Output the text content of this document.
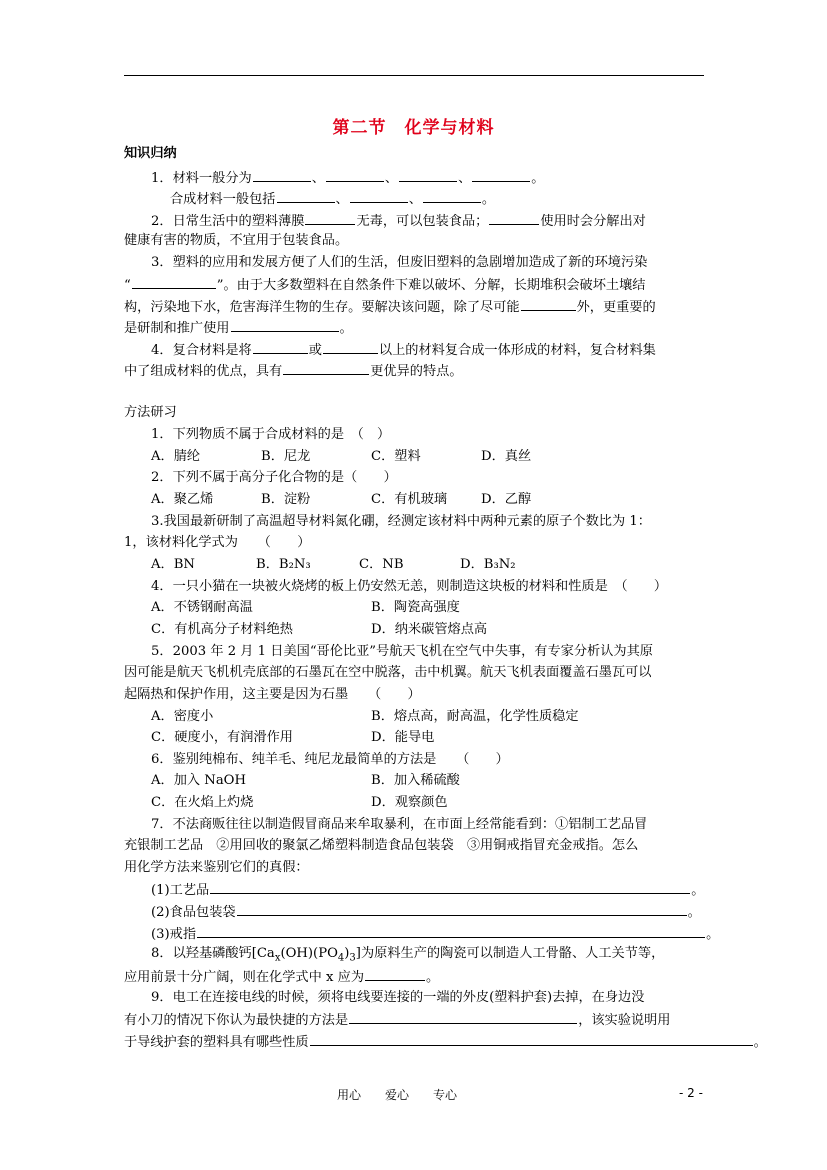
第二节　化学与材料
知识归纳
1．材料一般分为	、	、	、	。
合成材料一般包括	、	、	。
2．日常生活中的塑料薄膜	无毒，可以包装食品；	使用时会分解出对
健康有害的物质，不宜用于包装食品。
3．塑料的应用和发展方便了人们的生活，但废旧塑料的急剧增加造成了新的环境污染
“	”。由于大多数塑料在自然条件下难以破坏、分解，长期堆积会破坏土壤结
构，污染地下水，危害海洋生物的生存。要解决该问题，除了尽可能	外，更重要的
是研制和推广使用	。
4．复合材料是将	或	以上的材料复合成一体形成的材料，复合材料集
中了组成材料的优点，具有	更优异的特点。
方法研习
1．下列物质不属于合成材料的是　（　）
A．腈纶	B．尼龙	C．塑料	D．真丝
2．下列不属于高分子化合物的是（　　）
A．聚乙烯	B．淀粉	C．有机玻璃	D．乙醇
3.我国最新研制了高温超导材料氮化硼，经测定该材料中两种元素的原子个数比为 1：
1，该材料化学式为　　（　　）
A．BN	B．B₂N₃	C．NB	D．B₃N₂
4．一只小猫在一块被火烧烤的板上仍安然无恙，则制造这块板的材料和性质是　（　　）
A．不锈钢耐高温	B．陶瓷高强度
C．有机高分子材料绝热	D．纳米碳管熔点高
5．2003 年 2 月 1 日美国“哥伦比亚”号航天飞机在空气中失事，有专家分析认为其原
因可能是航天飞机机壳底部的石墨瓦在空中脱落，击中机翼。航天飞机表面覆盖石墨瓦可以
起隔热和保护作用，这主要是因为石墨　　（　　）
A．密度小	B．熔点高，耐高温，化学性质稳定
C．硬度小，有润滑作用	D．能导电
6．鉴别纯棉布、纯羊毛、纯尼龙最简单的方法是　　（　　）
A．加入 NaOH	B．加入稀硫酸
C．在火焰上灼烧	D．观察颜色
7．不法商贩往往以制造假冒商品来牟取暴利，在市面上经常能看到：①铝制工艺品冒
充银制工艺品　②用回收的聚氯乙烯塑料制造食品包装袋　③用铜戒指冒充金戒指。怎么
用化学方法来鉴别它们的真假：
(1)工艺品	。
(2)食品包装袋	。
(3)戒指	。
8．以羟基磷酸钙$[Ca_x(OH)(PO_4)_3]$为原料生产的陶瓷可以制造人工骨骼、人工关节等，
应用前景十分广阔，则在化学式中 x 应为	。
9．电工在连接电线的时候，须将电线要连接的一端的外皮(塑料护套)去掉，在身边没
有小刀的情况下你认为最快捷的方法是	，该实验说明用
于导线护套的塑料具有哪些性质	。
用心　　爱心　　专心	- 2 -
